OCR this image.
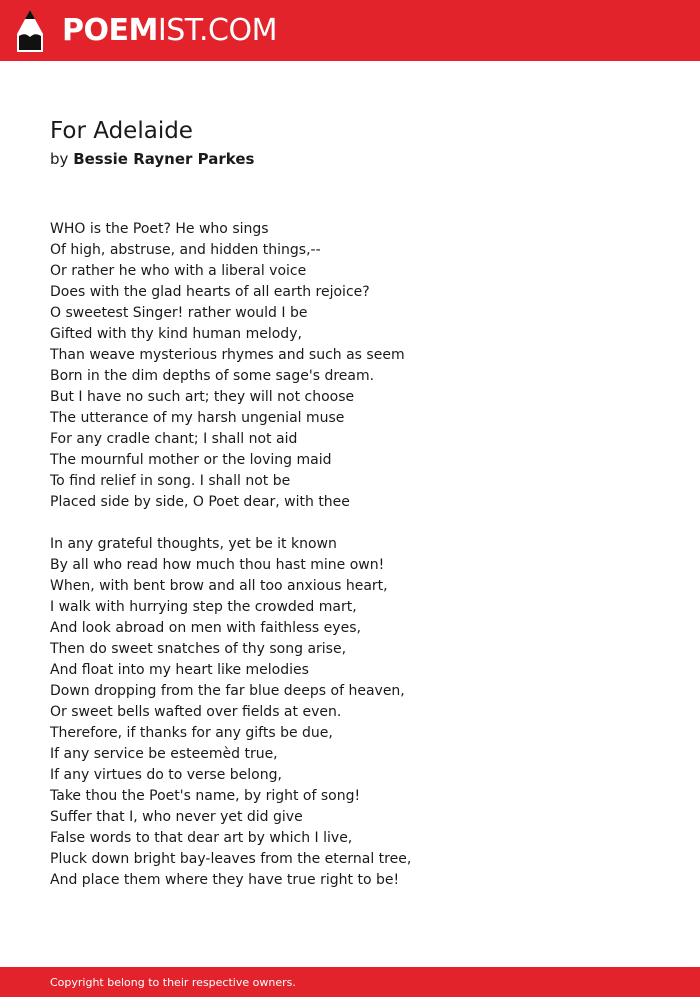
POEMIST.COM
For Adelaide
by Bessie Rayner Parkes
WHO is the Poet? He who sings
Of high, abstruse, and hidden things,--
Or rather he who with a liberal voice
Does with the glad hearts of all earth rejoice?
O sweetest Singer! rather would I be
Gifted with thy kind human melody,
Than weave mysterious rhymes and such as seem
Born in the dim depths of some sage's dream.
But I have no such art; they will not choose
The utterance of my harsh ungenial muse
For any cradle chant; I shall not aid
The mournful mother or the loving maid
To find relief in song. I shall not be
Placed side by side, O Poet dear, with thee
In any grateful thoughts, yet be it known
By all who read how much thou hast mine own!
When, with bent brow and all too anxious heart,
I walk with hurrying step the crowded mart,
And look abroad on men with faithless eyes,
Then do sweet snatches of thy song arise,
And float into my heart like melodies
Down dropping from the far blue deeps of heaven,
Or sweet bells wafted over fields at even.
Therefore, if thanks for any gifts be due,
If any service be esteemèd true,
If any virtues do to verse belong,
Take thou the Poet's name, by right of song!
Suffer that I, who never yet did give
False words to that dear art by which I live,
Pluck down bright bay-leaves from the eternal tree,
And place them where they have true right to be!
Copyright belong to their respective owners.
